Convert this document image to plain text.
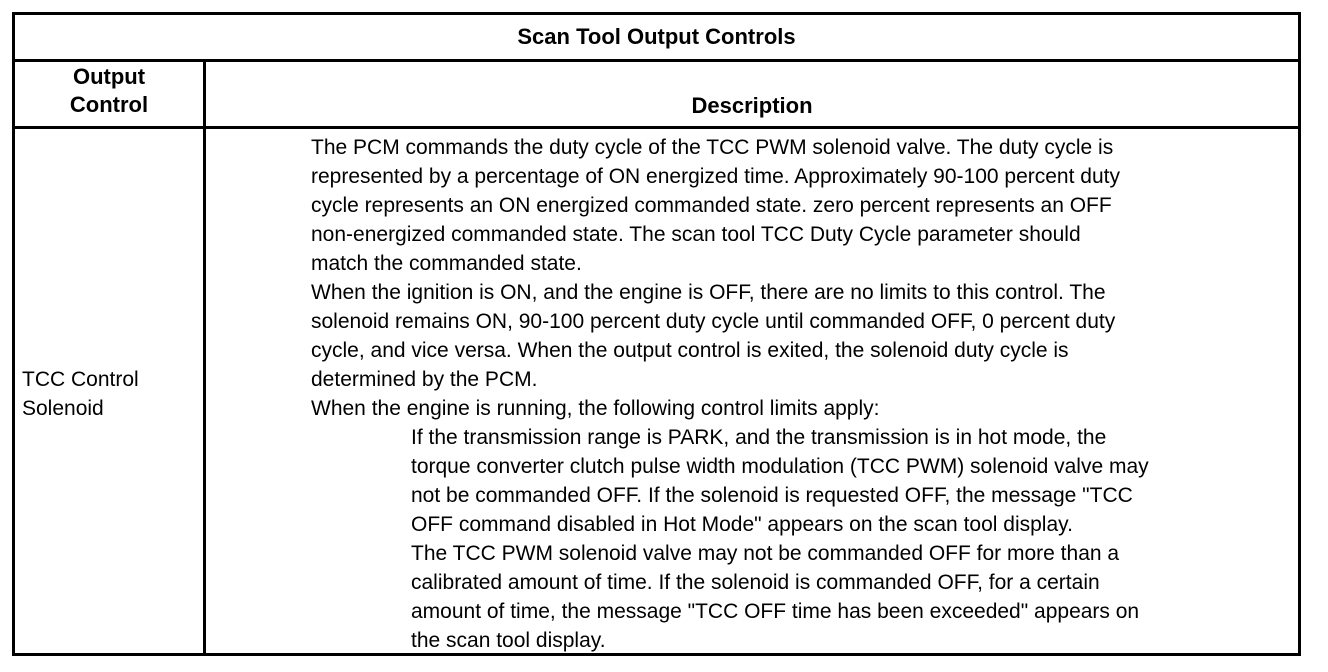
Scan Tool Output Controls
Output
Control	Description
TCC Control
Solenoid

The PCM commands the duty cycle of the TCC PWM solenoid valve. The duty cycle is
represented by a percentage of ON energized time. Approximately 90-100 percent duty
cycle represents an ON energized commanded state. zero percent represents an OFF
non-energized commanded state. The scan tool TCC Duty Cycle parameter should
match the commanded state.

When the ignition is ON, and the engine is OFF, there are no limits to this control. The
solenoid remains ON, 90-100 percent duty cycle until commanded OFF, 0 percent duty
cycle, and vice versa. When the output control is exited, the solenoid duty cycle is
determined by the PCM.

When the engine is running, the following control limits apply:

If the transmission range is PARK, and the transmission is in hot mode, the
torque converter clutch pulse width modulation (TCC PWM) solenoid valve may
not be commanded OFF. If the solenoid is requested OFF, the message "TCC
OFF command disabled in Hot Mode" appears on the scan tool display.

The TCC PWM solenoid valve may not be commanded OFF for more than a
calibrated amount of time. If the solenoid is commanded OFF, for a certain
amount of time, the message "TCC OFF time has been exceeded" appears on
the scan tool display.
